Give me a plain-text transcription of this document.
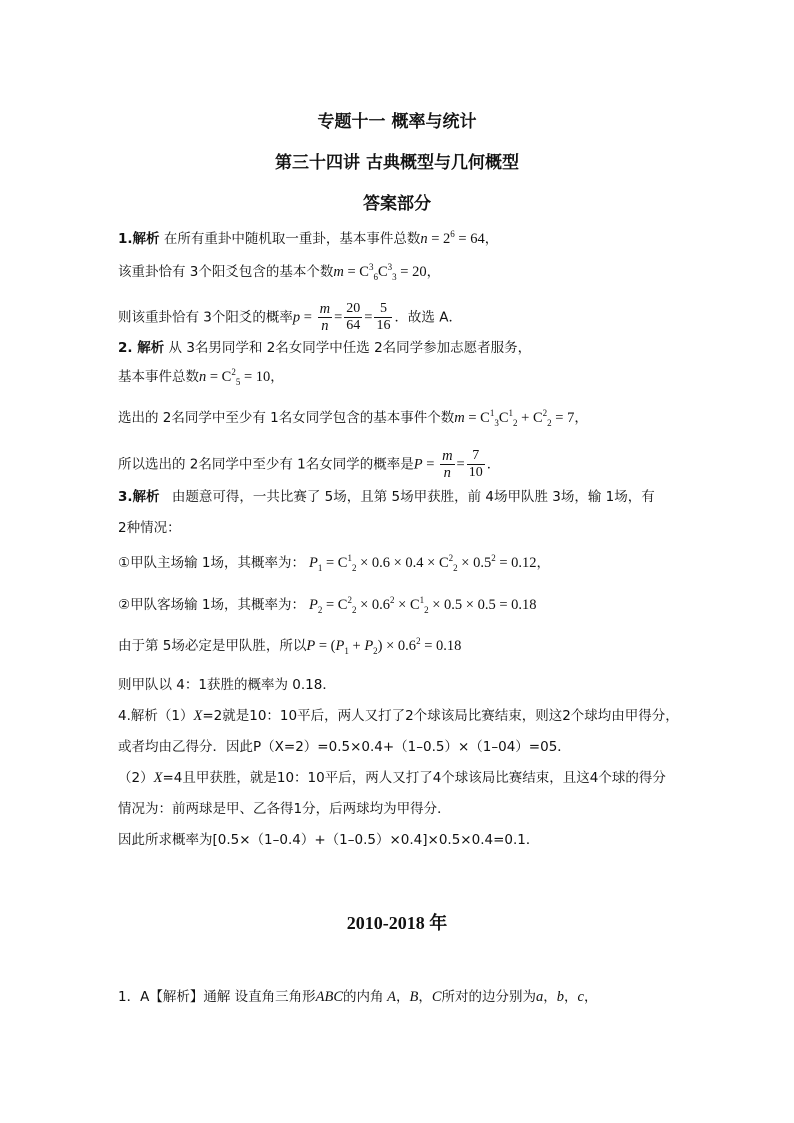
专题十一 概率与统计
第三十四讲 古典概型与几何概型
答案部分
1.解析 在所有重卦中随机取一重卦，基本事件总数$n = 2^6 = 64$，
该重卦恰有 3个阳爻包含的基本个数$m = C^3_6C^3_3 = 20$，
则该重卦恰有 3个阳爻的概率$p = \frac{m}{n} = \frac{20}{64} = \frac{5}{16}$ ．故选 A．
2. 解析 从 3名男同学和 2名女同学中任选 2名同学参加志愿者服务，
基本事件总数$n = C^2_5 = 10$，
选出的 2名同学中至少有 1名女同学包含的基本事件个数$m = C^1_3C^1_2 + C^2_2 = 7$，
所以选出的 2名同学中至少有 1名女同学的概率是$P = \frac{m}{n} = \frac{7}{10}$ ．
3.解析 由题意可得，一共比赛了 5场，且第 5场甲获胜，前 4场甲队胜 3场，输 1场，有
2种情况：
①甲队主场输 1场，其概率为： $P_1 = C^1_2 \times 0.6 \times 0.4 \times C^2_2 \times 0.5^2 = 0.12$，
②甲队客场输 1场，其概率为： $P_2 = C^2_2 \times 0.6^2 \times C^1_2 \times 0.5 \times 0.5 = 0.18$
由于第 5场必定是甲队胜，所以$P = (P_1 + P_2) \times 0.6^2 = 0.18$
则甲队以 4：1获胜的概率为 0.18．
4.解析（1）X=2就是10：10平后，两人又打了2个球该局比赛结束，则这2个球均由甲得分，
或者均由乙得分．因此P（X=2）=0.5×0.4+（1–0.5）×（1–04）=05．
（2）X=4且甲获胜，就是10：10平后，两人又打了4个球该局比赛结束，且这4个球的得分
情况为：前两球是甲、乙各得1分，后两球均为甲得分．
因此所求概率为[0.5×（1–0.4）+（1–0.5）×0.4]×0.5×0.4=0.1．
2010-2018 年
1．A【解析】通解 设直角三角形ABC的内角 A，B，C所对的边分别为a，b，c，
